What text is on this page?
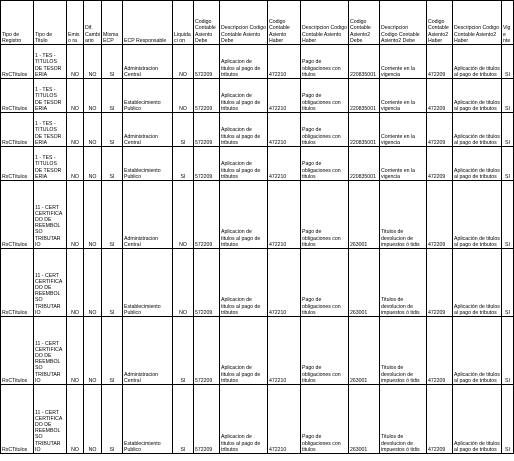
Tipo de Registro	Tipo de Titulo	Emiso ra	Dif. Cambi ario	Misma ECP	ECP Responsable	Liquidaci on	Codigo Contable Asiento Debe	Descripcion Codigo Contable Asiento Debe	Codigo Contable Asiento Haber	Descripcion Codigo Contable Asiento Haber	Codigo Contable Asiento2 Debe	Descripcion Codigo Contable Asiento2 Debe	Codigo Contable Asiento2 Haber	Descripcion Codigo Contable Asiento2 Haber	Vige nte
RxCTitulos	1 - TES - TITULOS DE TESOR ERIA	NO	NO	SI	Administracion Central	NO	572209	Aplicacion de titulos al pago de tributos	472210	Pago de obligaciones con titulos	220835001	Corriente en la vigencia	472209	Aplicación de titulos al pago de tributos	SI
RxCTitulos	1 - TES - TITULOS DE TESOR ERIA	NO	NO	SI	Establecimiento Publico	NO	572209	Aplicacion de titulos al pago de tributos	472210	Pago de obligaciones con titulos	220835001	Corriente en la vigencia	472209	Aplicación de titulos al pago de tributos	SI
RxCTitulos	1 - TES - TITULOS DE TESOR ERIA	NO	NO	SI	Administracion Central	SI	572209	Aplicacion de titulos al pago de tributos	472210	Pago de obligaciones con titulos	220835001	Corriente en la vigencia	472209	Aplicación de titulos al pago de tributos	SI
RxCTitulos	1 - TES - TITULOS DE TESOR ERIA	NO	NO	SI	Establecimiento Publico	SI	572209	Aplicacion de titulos al pago de tributos	472210	Pago de obligaciones con titulos	220835001	Corriente en la vigencia	472209	Aplicación de titulos al pago de tributos	SI
RxCTitulos	11 - CERT CERTIFICA DO DE REEMBOL SO TRIBUTAR IO	NO	NO	SI	Administracion Central	NO	572209	Aplicacion de titulos al pago de tributos	472210	Pago de obligaciones con titulos	263001	Titulos de devolucion de impuestos ó tidis	472209	Aplicación de titulos al pago de tributos	SI
RxCTitulos	11 - CERT CERTIFICA DO DE REEMBOL SO TRIBUTAR IO	NO	NO	SI	Establecimiento Publico	NO	572209	Aplicacion de titulos al pago de tributos	472210	Pago de obligaciones con titulos	263001	Titulos de devolucion de impuestos ó tidis	472209	Aplicación de titulos al pago de tributos	SI
RxCTitulos	11 - CERT CERTIFICA DO DE REEMBOL SO TRIBUTAR IO	NO	NO	SI	Administracion Central	SI	572209	Aplicacion de titulos al pago de tributos	472210	Pago de obligaciones con titulos	263001	Titulos de devolucion de impuestos ó tidis	472209	Aplicación de titulos al pago de tributos	SI
RxCTitulos	11 - CERT CERTIFICA DO DE REEMBOL SO TRIBUTAR IO	NO	NO	SI	Establecimiento Publico	SI	572209	Aplicacion de titulos al pago de tributos	472210	Pago de obligaciones con titulos	263001	Titulos de devolucion de impuestos ó tidis	472209	Aplicación de titulos al pago de tributos	SI
